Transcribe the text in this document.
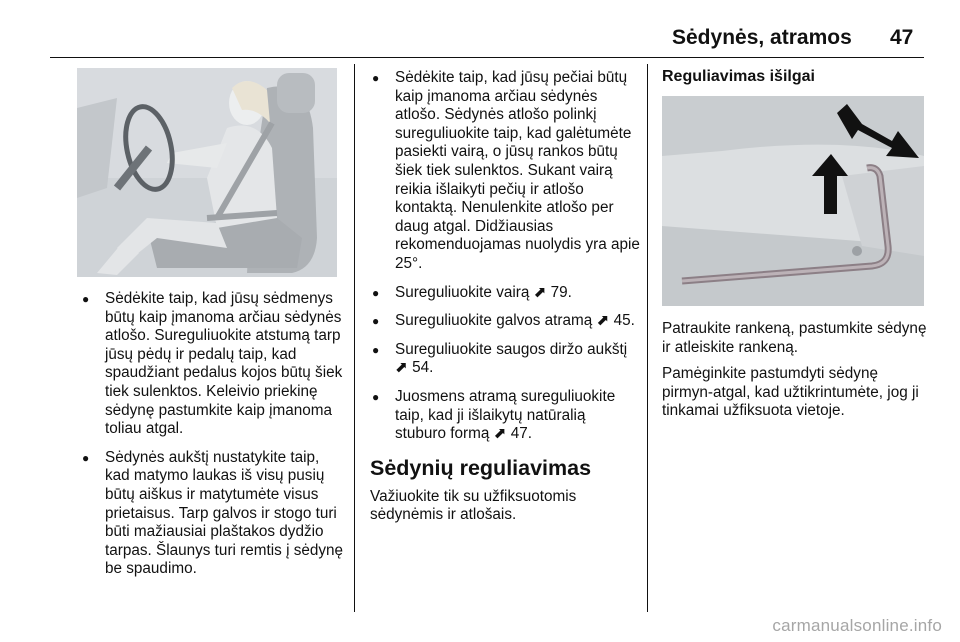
Sėdynės, atramos 47
● Sėdėkite taip, kad jūsų sėdmenys būtų kaip įmanoma arčiau sėdynės atlošo. Sureguliuokite atstumą tarp jūsų pėdų ir pedalų taip, kad spaudžiant pedalus kojos būtų šiek tiek sulenktos. Keleivio priekinę sėdynę pastumkite kaip įmanoma toliau atgal.
● Sėdynės aukštį nustatykite taip, kad matymo laukas iš visų pusių būtų aiškus ir matytumėte visus prietaisus. Tarp galvos ir stogo turi būti mažiausiai plaštakos dydžio tarpas. Šlaunys turi remtis į sėdynę be spaudimo.
● Sėdėkite taip, kad jūsų pečiai būtų kaip įmanoma arčiau sėdynės atlošo. Sėdynės atlošo polinkį sureguliuokite taip, kad galėtumėte pasiekti vairą, o jūsų rankos būtų šiek tiek sulenktos. Sukant vairą reikia išlaikyti pečių ir atlošo kontaktą. Nenulenkite atlošo per daug atgal. Didžiausias rekomenduojamas nuolydis yra apie 25°.
● Sureguliuokite vairą ⬈ 79.
● Sureguliuokite galvos atramą ⬈ 45.
● Sureguliuokite saugos diržo aukštį ⬈ 54.
● Juosmens atramą sureguliuokite taip, kad ji išlaikytų natūralią stuburo formą ⬈ 47.
Sėdynių reguliavimas

Važiuokite tik su užfiksuotomis sėdynėmis ir atlošais.

Reguliavimas išilgai

Patraukite rankeną, pastumkite sėdynę ir atleiskite rankeną.

Pamėginkite pastumdyti sėdynę pirmyn-atgal, kad užtikrintumėte, jog ji tinkamai užfiksuota vietoje.

carmanualsonline.info
